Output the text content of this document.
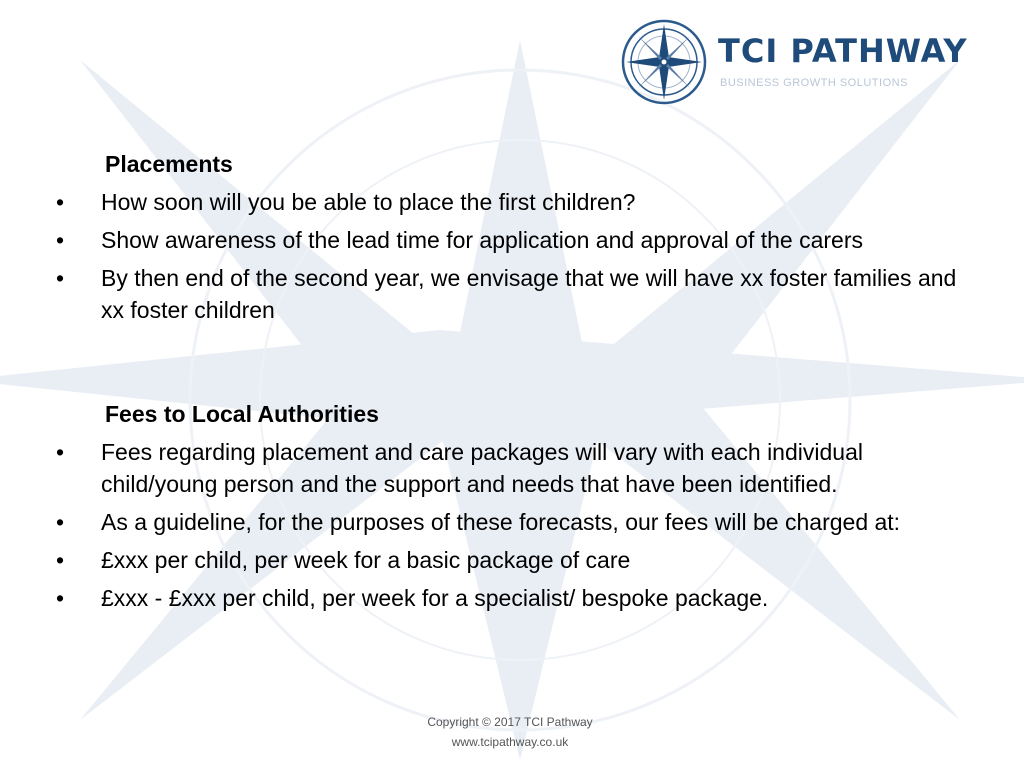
TCI PATHWAY
BUSINESS GROWTH SOLUTIONS
Placements
• How soon will you be able to place the first children?
• Show awareness of the lead time for application and approval of the carers
• By then end of the second year, we envisage that we will have xx foster families and xx foster children
Fees to Local Authorities
• Fees regarding placement and care packages will vary with each individual child/young person and the support and needs that have been identified.
• As a guideline, for the purposes of these forecasts, our fees will be charged at:
• £xxx per child, per week for a basic package of care
• £xxx - £xxx per child, per week for a specialist/ bespoke package.
Copyright © 2017 TCI Pathway
www.tcipathway.co.uk
